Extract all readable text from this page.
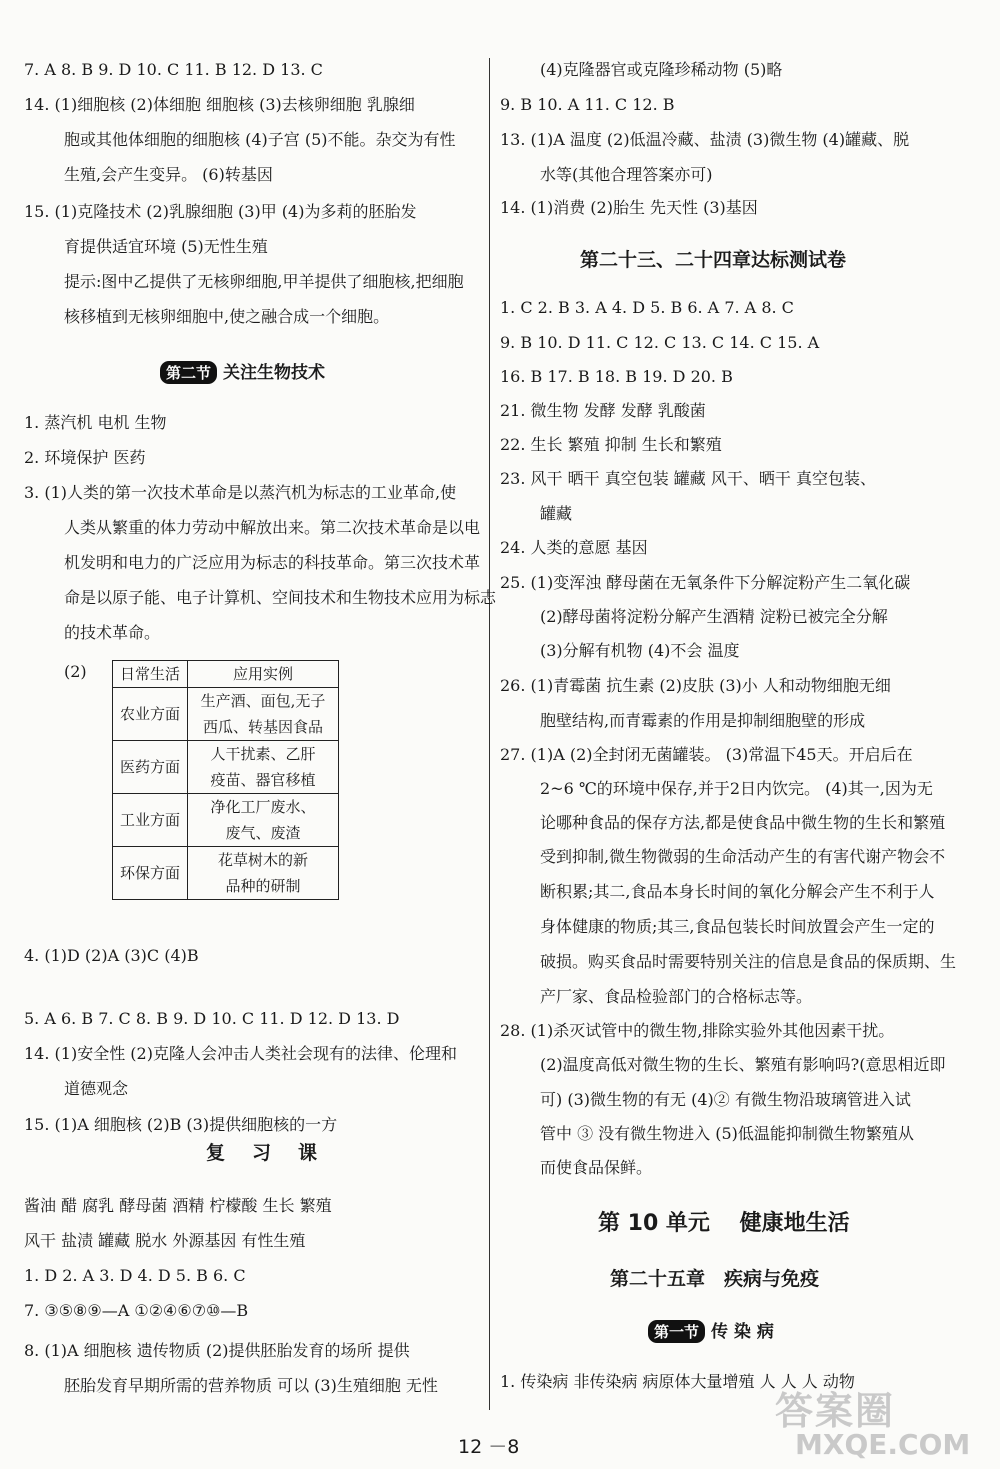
7. A 8. B 9. D 10. C 11. B 12. D 13. C
14. (1)细胞核 (2)体细胞 细胞核 (3)去核卵细胞 乳腺细
胞或其他体细胞的细胞核 (4)子宫 (5)不能。杂交为有性
生殖,会产生变异。 (6)转基因
15. (1)克隆技术 (2)乳腺细胞 (3)甲 (4)为多莉的胚胎发
育提供适宜环境 (5)无性生殖
提示:图中乙提供了无核卵细胞,甲羊提供了细胞核,把细胞
核移植到无核卵细胞中,使之融合成一个细胞。
第二节 关注生物技术
1. 蒸汽机 电机 生物
2. 环境保护 医药
3. (1)人类的第一次技术革命是以蒸汽机为标志的工业革命,使
人类从繁重的体力劳动中解放出来。第二次技术革命是以电
机发明和电力的广泛应用为标志的科技革命。第三次技术革
命是以原子能、电子计算机、空间技术和生物技术应用为标志
的技术革命。
(2) 日常生活	应用实例
农业方面	生产酒、面包,无子
西瓜、转基因食品
医药方面	人干扰素、乙肝
疫苗、器官移植
工业方面	净化工厂废水、
废气、废渣
环保方面	花草树木的新
品种的研制
4. (1)D (2)A (3)C (4)B
5. A 6. B 7. C 8. B 9. D 10. C 11. D 12. D 13. D
14. (1)安全性 (2)克隆人会冲击人类社会现有的法律、伦理和
道德观念
15. (1)A 细胞核 (2)B (3)提供细胞核的一方
复　习　课
酱油 醋 腐乳 酵母菌 酒精 柠檬酸 生长 繁殖
风干 盐渍 罐藏 脱水 外源基因 有性生殖
1. D 2. A 3. D 4. D 5. B 6. C
7. ③⑤⑧⑨—A ①②④⑥⑦⑩—B
8. (1)A 细胞核 遗传物质 (2)提供胚胎发育的场所 提供
胚胎发育早期所需的营养物质 可以 (3)生殖细胞 无性
(4)克隆器官或克隆珍稀动物 (5)略
9. B 10. A 11. C 12. B
13. (1)A 温度 (2)低温冷藏、盐渍 (3)微生物 (4)罐藏、脱
水等(其他合理答案亦可)
14. (1)消费 (2)胎生 先天性 (3)基因
第二十三、二十四章达标测试卷
1. C 2. B 3. A 4. D 5. B 6. A 7. A 8. C
9. B 10. D 11. C 12. C 13. C 14. C 15. A
16. B 17. B 18. B 19. D 20. B
21. 微生物 发酵 发酵 乳酸菌
22. 生长 繁殖 抑制 生长和繁殖
23. 风干 晒干 真空包装 罐藏 风干、晒干 真空包装、
罐藏
24. 人类的意愿 基因
25. (1)变浑浊 酵母菌在无氧条件下分解淀粉产生二氧化碳
(2)酵母菌将淀粉分解产生酒精 淀粉已被完全分解
(3)分解有机物 (4)不会 温度
26. (1)青霉菌 抗生素 (2)皮肤 (3)小 人和动物细胞无细
胞壁结构,而青霉素的作用是抑制细胞壁的形成
27. (1)A (2)全封闭无菌罐装。 (3)常温下45天。开启后在
2~6 ℃的环境中保存,并于2日内饮完。 (4)其一,因为无
论哪种食品的保存方法,都是使食品中微生物的生长和繁殖
受到抑制,微生物微弱的生命活动产生的有害代谢产物会不
断积累;其二,食品本身长时间的氧化分解会产生不利于人
身体健康的物质;其三,食品包装长时间放置会产生一定的
破损。购买食品时需要特别关注的信息是食品的保质期、生
产厂家、食品检验部门的合格标志等。
28. (1)杀灭试管中的微生物,排除实验外其他因素干扰。
(2)温度高低对微生物的生长、繁殖有影响吗?(意思相近即
可) (3)微生物的有无 (4)② 有微生物沿玻璃管进入试
管中 ③ 没有微生物进入 (5)低温能抑制微生物繁殖从
而使食品保鲜。
第 10 单元　 健康地生活
第二十五章　疾病与免疫
第一节 传 染 病
1. 传染病 非传染病 病原体大量增殖 人 人 人 动物
12 －8
答案圈
MXQE.COM
